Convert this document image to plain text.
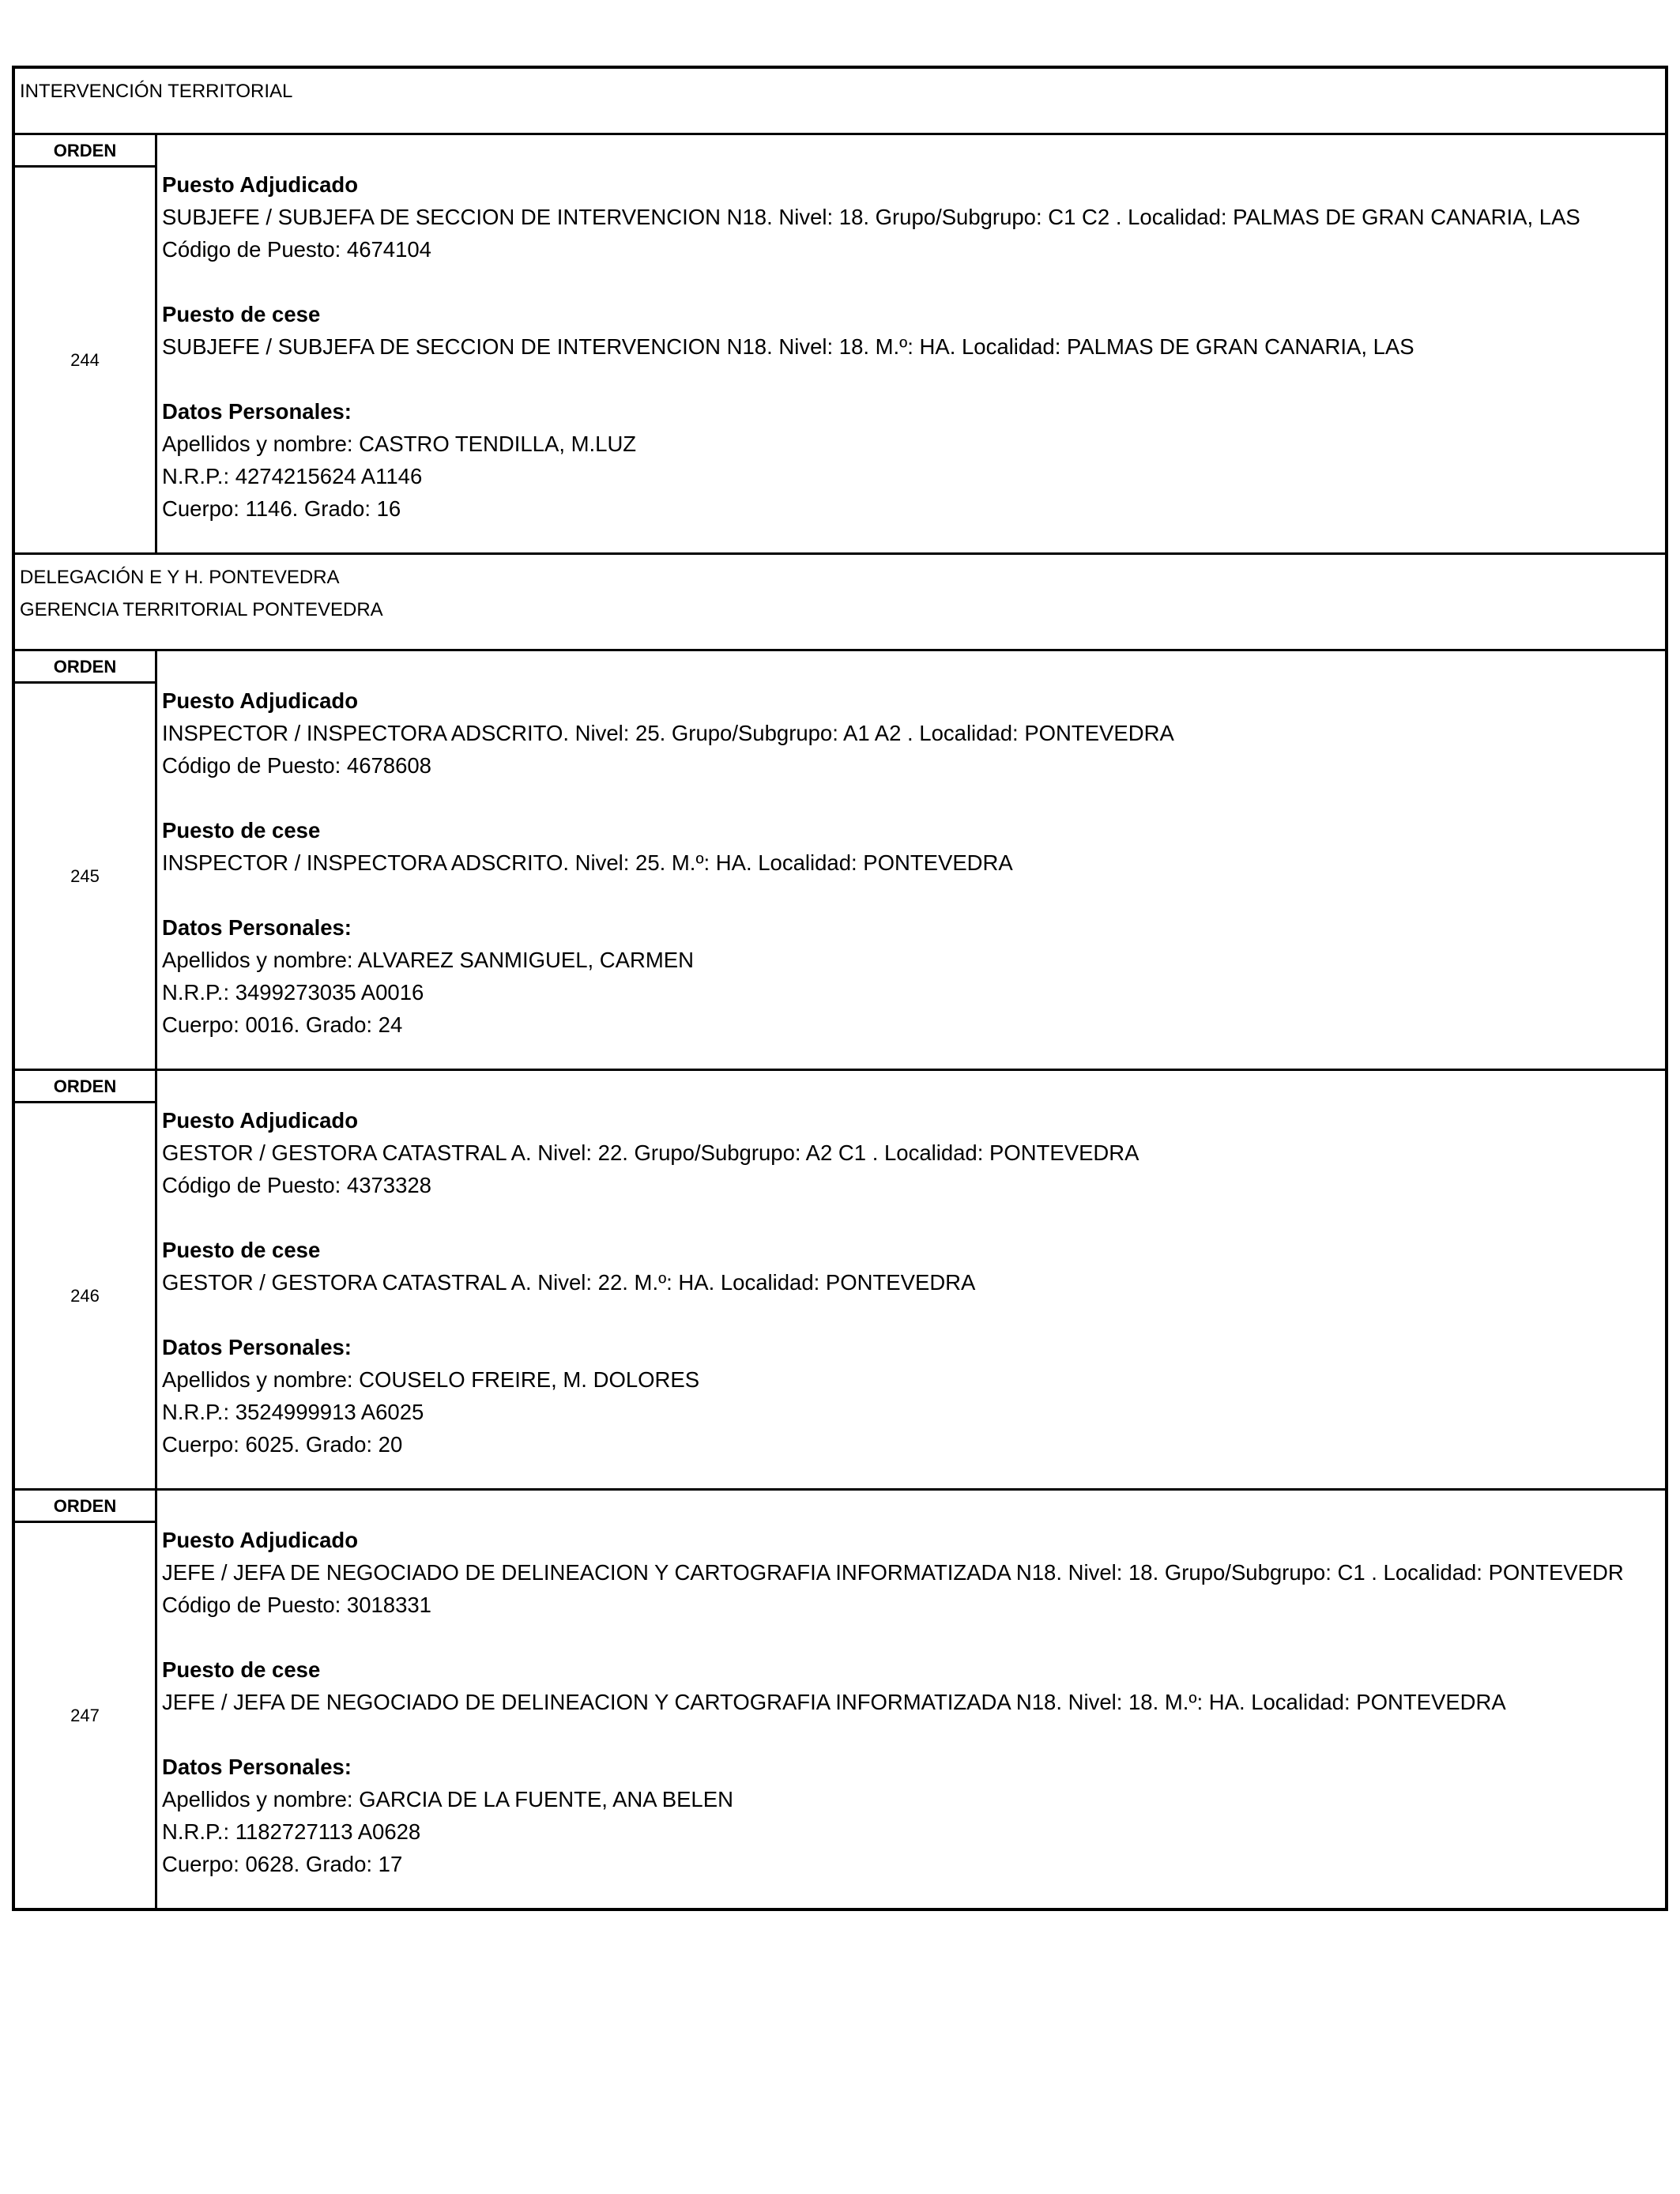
INTERVENCIÓN TERRITORIAL
ORDEN
244
Puesto Adjudicado
SUBJEFE / SUBJEFA DE SECCION DE INTERVENCION N18. Nivel: 18. Grupo/Subgrupo: C1 C2 . Localidad: PALMAS DE GRAN CANARIA, LAS
Código de Puesto: 4674104
Puesto de cese
SUBJEFE / SUBJEFA DE SECCION DE INTERVENCION N18. Nivel: 18. M.º: HA. Localidad: PALMAS DE GRAN CANARIA, LAS
Datos Personales:
Apellidos y nombre: CASTRO TENDILLA, M.LUZ
N.R.P.: 4274215624 A1146
Cuerpo: 1146. Grado: 16
DELEGACIÓN E Y H. PONTEVEDRA
GERENCIA TERRITORIAL PONTEVEDRA
ORDEN
245
Puesto Adjudicado
INSPECTOR / INSPECTORA ADSCRITO. Nivel: 25. Grupo/Subgrupo: A1 A2 . Localidad: PONTEVEDRA
Código de Puesto: 4678608
Puesto de cese
INSPECTOR / INSPECTORA ADSCRITO. Nivel: 25. M.º: HA. Localidad: PONTEVEDRA
Datos Personales:
Apellidos y nombre: ALVAREZ SANMIGUEL, CARMEN
N.R.P.: 3499273035 A0016
Cuerpo: 0016. Grado: 24
ORDEN
246
Puesto Adjudicado
GESTOR / GESTORA CATASTRAL A. Nivel: 22. Grupo/Subgrupo: A2 C1 . Localidad: PONTEVEDRA
Código de Puesto: 4373328
Puesto de cese
GESTOR / GESTORA CATASTRAL A. Nivel: 22. M.º: HA. Localidad: PONTEVEDRA
Datos Personales:
Apellidos y nombre: COUSELO FREIRE, M. DOLORES
N.R.P.: 3524999913 A6025
Cuerpo: 6025. Grado: 20
ORDEN
247
Puesto Adjudicado
JEFE / JEFA DE NEGOCIADO DE DELINEACION Y CARTOGRAFIA INFORMATIZADA N18. Nivel: 18. Grupo/Subgrupo: C1 . Localidad: PONTEVEDR
Código de Puesto: 3018331
Puesto de cese
JEFE / JEFA DE NEGOCIADO DE DELINEACION Y CARTOGRAFIA INFORMATIZADA N18. Nivel: 18. M.º: HA. Localidad: PONTEVEDRA
Datos Personales:
Apellidos y nombre: GARCIA DE LA FUENTE, ANA BELEN
N.R.P.: 1182727113 A0628
Cuerpo: 0628. Grado: 17
